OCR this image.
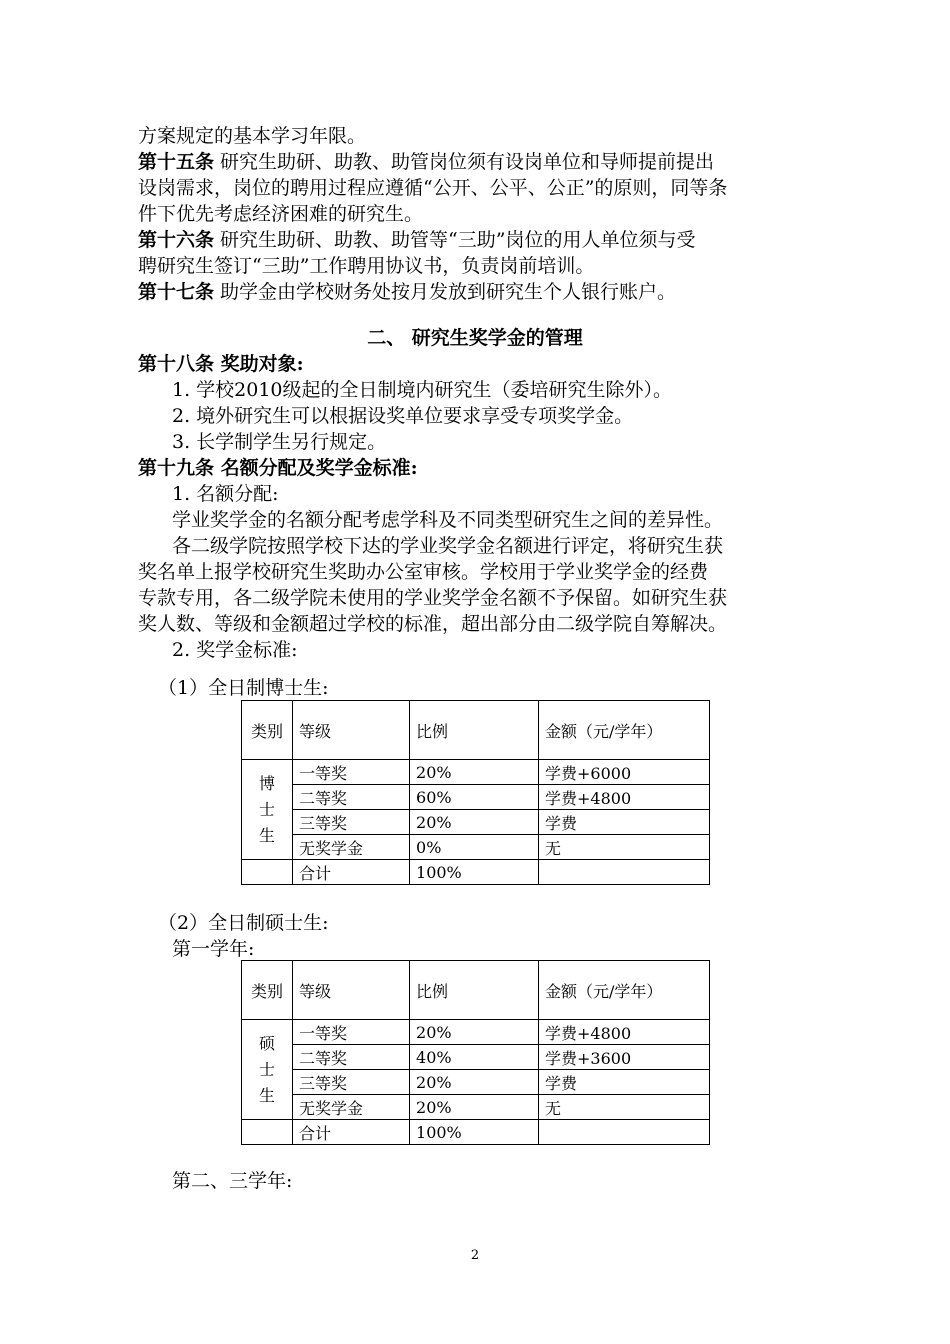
方案规定的基本学习年限。
第十五条 研究生助研、助教、助管岗位须有设岗单位和导师提前提出
设岗需求，岗位的聘用过程应遵循“公开、公平、公正”的原则，同等条
件下优先考虑经济困难的研究生。
第十六条 研究生助研、助教、助管等“三助”岗位的用人单位须与受
聘研究生签订“三助”工作聘用协议书，负责岗前培训。
第十七条 助学金由学校财务处按月发放到研究生个人银行账户。
二、 研究生奖学金的管理
第十八条 奖助对象:
1. 学校2010级起的全日制境内研究生（委培研究生除外）。
2. 境外研究生可以根据设奖单位要求享受专项奖学金。
3. 长学制学生另行规定。
第十九条 名额分配及奖学金标准:
1. 名额分配:
学业奖学金的名额分配考虑学科及不同类型研究生之间的差异性。
各二级学院按照学校下达的学业奖学金名额进行评定，将研究生获
奖名单上报学校研究生奖助办公室审核。学校用于学业奖学金的经费
专款专用，各二级学院未使用的学业奖学金名额不予保留。如研究生获
奖人数、等级和金额超过学校的标准，超出部分由二级学院自筹解决。
2. 奖学金标准:
（1）全日制博士生:
类别	等级	比例	金额（元/学年）
博士生	一等奖	20%	学费+6000
	二等奖	60%	学费+4800
	三等奖	20%	学费
	无奖学金	0%	无
	合计	100%	
（2）全日制硕士生:
第一学年:
类别	等级	比例	金额（元/学年）
硕士生	一等奖	20%	学费+4800
	二等奖	40%	学费+3600
	三等奖	20%	学费
	无奖学金	20%	无
	合计	100%	
第二、三学年:
2
